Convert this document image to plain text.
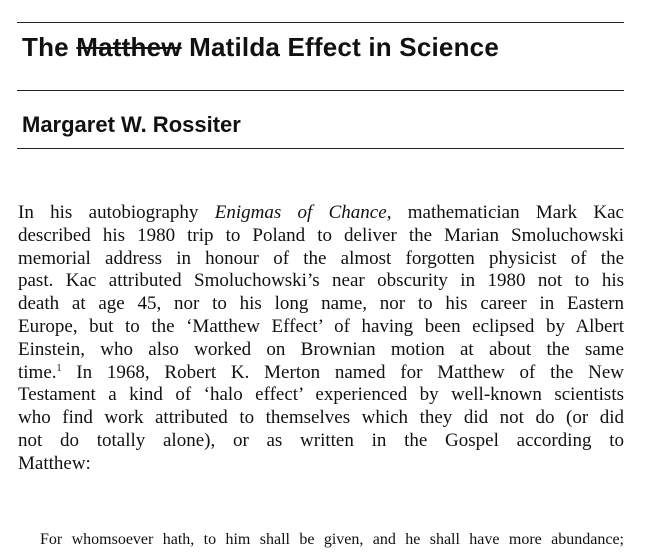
The Matthew Matilda Effect in Science
Margaret W. Rossiter
In his autobiography Enigmas of Chance, mathematician Mark Kac
described his 1980 trip to Poland to deliver the Marian Smoluchowski
memorial address in honour of the almost forgotten physicist of the
past. Kac attributed Smoluchowski’s near obscurity in 1980 not to his
death at age 45, nor to his long name, nor to his career in Eastern
Europe, but to the ‘Matthew Effect’ of having been eclipsed by Albert
Einstein, who also worked on Brownian motion at about the same
time.$^1$ In 1968, Robert K. Merton named for Matthew of the New
Testament a kind of ‘halo effect’ experienced by well-known scientists
who find work attributed to themselves which they did not do (or did
not do totally alone), or as written in the Gospel according to
Matthew:
For whomsoever hath, to him shall be given, and he shall have more abundance;
